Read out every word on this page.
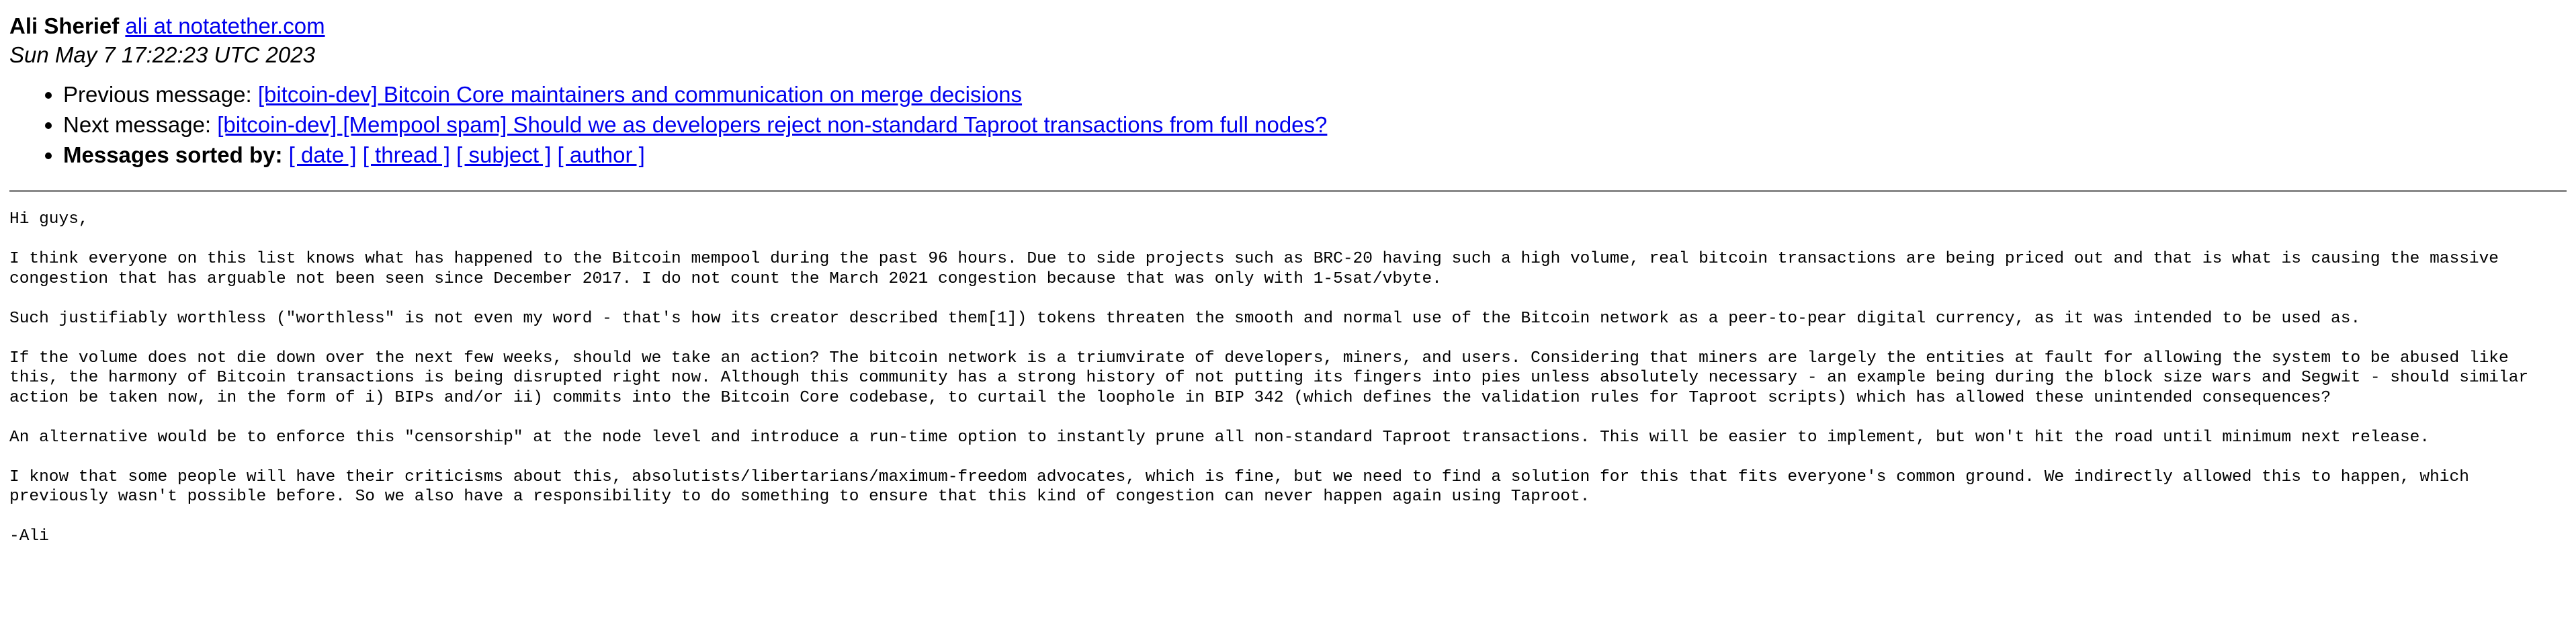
Ali Sherief ali at notatether.com
Sun May 7 17:22:23 UTC 2023
• Previous message: [bitcoin-dev] Bitcoin Core maintainers and communication on merge decisions
• Next message: [bitcoin-dev] [Mempool spam] Should we as developers reject non-standard Taproot transactions from full nodes?
• Messages sorted by: [ date ] [ thread ] [ subject ] [ author ]
Hi guys,

I think everyone on this list knows what has happened to the Bitcoin mempool during the past 96 hours. Due to side projects such as BRC-20 having such a high volume, real bitcoin transactions are being priced out and that is what is causing the massive congestion that has arguable not been seen since December 2017. I do not count the March 2021 congestion because that was only with 1-5sat/vbyte.

Such justifiably worthless ("worthless" is not even my word - that's how its creator described them[1]) tokens threaten the smooth and normal use of the Bitcoin network as a peer-to-pear digital currency, as it was intended to be used as.

If the volume does not die down over the next few weeks, should we take an action? The bitcoin network is a triumvirate of developers, miners, and users. Considering that miners are largely the entities at fault for allowing the system to be abused like this, the harmony of Bitcoin transactions is being disrupted right now. Although this community has a strong history of not putting its fingers into pies unless absolutely necessary - an example being during the block size wars and Segwit - should similar action be taken now, in the form of i) BIPs and/or ii) commits into the Bitcoin Core codebase, to curtail the loophole in BIP 342 (which defines the validation rules for Taproot scripts) which has allowed these unintended consequences?

An alternative would be to enforce this "censorship" at the node level and introduce a run-time option to instantly prune all non-standard Taproot transactions. This will be easier to implement, but won't hit the road until minimum next release.

I know that some people will have their criticisms about this, absolutists/libertarians/maximum-freedom advocates, which is fine, but we need to find a solution for this that fits everyone's common ground. We indirectly allowed this to happen, which previously wasn't possible before. So we also have a responsibility to do something to ensure that this kind of congestion can never happen again using Taproot.

-Ali
